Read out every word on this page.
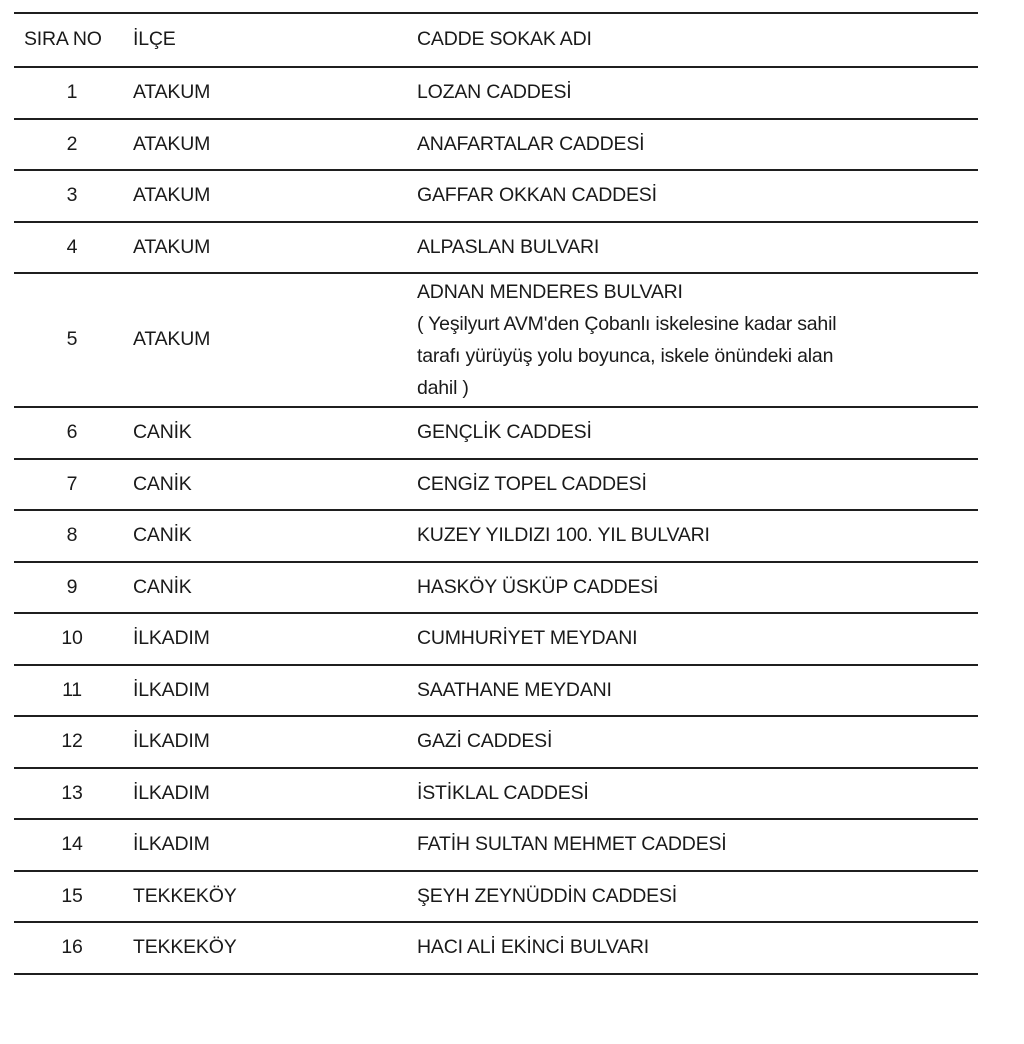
SIRA NO	İLÇE	CADDE SOKAK ADI
1	ATAKUM	LOZAN CADDESİ
2	ATAKUM	ANAFARTALAR CADDESİ
3	ATAKUM	GAFFAR OKKAN CADDESİ
4	ATAKUM	ALPASLAN BULVARI
5	ATAKUM
ADNAN MENDERES BULVARI
( Yeşilyurt AVM'den Çobanlı iskelesine kadar sahil
tarafı yürüyüş yolu boyunca, iskele önündeki alan
dahil )
6	CANİK	GENÇLİK CADDESİ
7	CANİK	CENGİZ TOPEL CADDESİ
8	CANİK	KUZEY YILDIZI 100. YIL BULVARI
9	CANİK	HASKÖY ÜSKÜP CADDESİ
10	İLKADIM	CUMHURİYET MEYDANI
11	İLKADIM	SAATHANE MEYDANI
12	İLKADIM	GAZİ CADDESİ
13	İLKADIM	İSTİKLAL CADDESİ
14	İLKADIM	FATİH SULTAN MEHMET CADDESİ
15	TEKKEKÖY	ŞEYH ZEYNÜDDİN CADDESİ
16	TEKKEKÖY	HACI ALİ EKİNCİ BULVARI
